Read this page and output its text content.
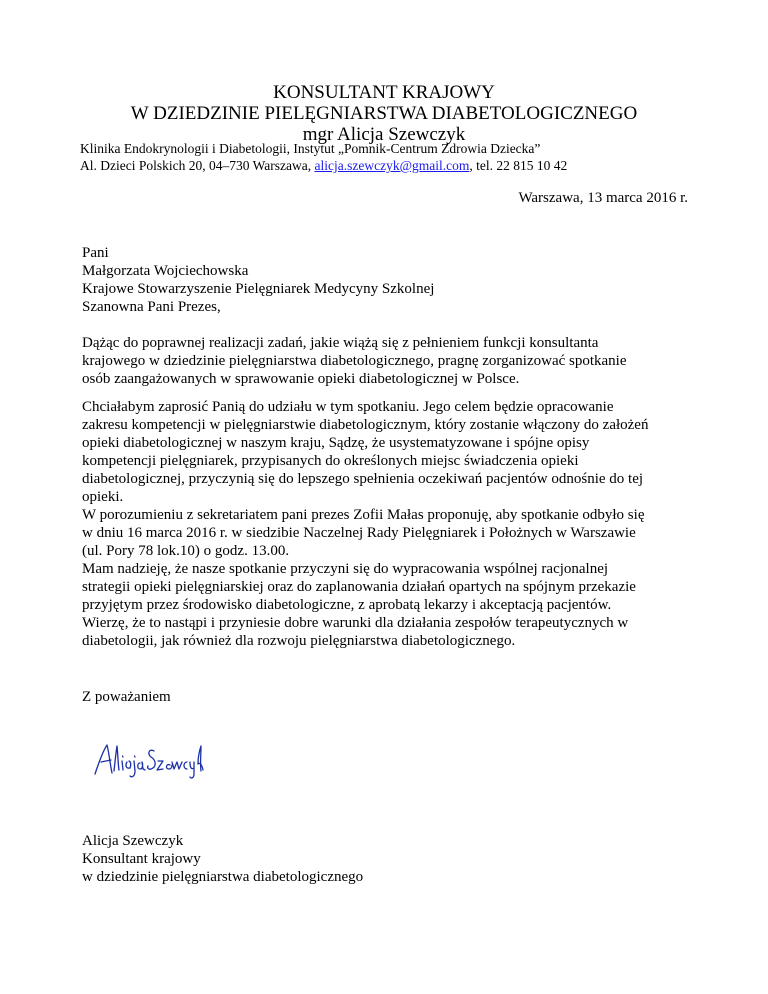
KONSULTANT KRAJOWY
W DZIEDZINIE PIELĘGNIARSTWA DIABETOLOGICZNEGO
mgr Alicja Szewczyk
Klinika Endokrynologii i Diabetologii, Instytut „Pomnik-Centrum Zdrowia Dziecka”
Al. Dzieci Polskich 20, 04–730 Warszawa, alicja.szewczyk@gmail.com, tel. 22 815 10 42
Warszawa, 13 marca 2016 r.
Pani
Małgorzata Wojciechowska
Krajowe Stowarzyszenie Pielęgniarek Medycyny Szkolnej
Szanowna Pani Prezes,
Dążąc do poprawnej realizacji zadań, jakie wiążą się z pełnieniem funkcji konsultanta
krajowego w dziedzinie pielęgniarstwa diabetologicznego, pragnę zorganizować spotkanie
osób zaangażowanych w sprawowanie opieki diabetologicznej w Polsce.
Chciałabym zaprosić Panią do udziału w tym spotkaniu. Jego celem będzie opracowanie
zakresu kompetencji w pielęgniarstwie diabetologicznym, który zostanie włączony do założeń
opieki diabetologicznej w naszym kraju, Sądzę, że usystematyzowane i spójne opisy
kompetencji pielęgniarek, przypisanych do określonych miejsc świadczenia opieki
diabetologicznej, przyczynią się do lepszego spełnienia oczekiwań pacjentów odnośnie do tej
opieki.
W porozumieniu z sekretariatem pani prezes Zofii Małas proponuję, aby spotkanie odbyło się
w dniu 16 marca 2016 r. w siedzibie Naczelnej Rady Pielęgniarek i Położnych w Warszawie
(ul. Pory 78 lok.10) o godz. 13.00.
Mam nadzieję, że nasze spotkanie przyczyni się do wypracowania wspólnej racjonalnej
strategii opieki pielęgniarskiej oraz do zaplanowania działań opartych na spójnym przekazie
przyjętym przez środowisko diabetologiczne, z aprobatą lekarzy i akceptacją pacjentów.
Wierzę, że to nastąpi i przyniesie dobre warunki dla działania zespołów terapeutycznych w
diabetologii, jak również dla rozwoju pielęgniarstwa diabetologicznego.
Z poważaniem
Alicja Szewczyk
Alicja Szewczyk
Konsultant krajowy
w dziedzinie pielęgniarstwa diabetologicznego
